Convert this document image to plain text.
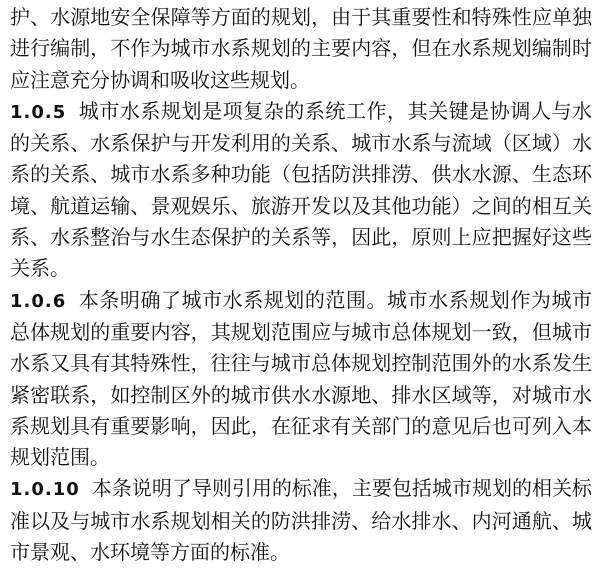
护、水源地安全保障等方面的规划，由于其重要性和特殊性应单独进行编制，不作为城市水系规划的主要内容，但在水系规划编制时应注意充分协调和吸收这些规划。

1.0.5 城市水系规划是项复杂的系统工作，其关键是协调人与水的关系、水系保护与开发利用的关系、城市水系与流域（区域）水系的关系、城市水系多种功能（包括防洪排涝、供水水源、生态环境、航道运输、景观娱乐、旅游开发以及其他功能）之间的相互关系、水系整治与水生态保护的关系等，因此，原则上应把握好这些关系。

1.0.6 本条明确了城市水系规划的范围。城市水系规划作为城市总体规划的重要内容，其规划范围应与城市总体规划一致，但城市水系又具有其特殊性，往往与城市总体规划控制范围外的水系发生紧密联系，如控制区外的城市供水水源地、排水区域等，对城市水系规划具有重要影响，因此，在征求有关部门的意见后也可列入本规划范围。

1.0.10 本条说明了导则引用的标准，主要包括城市规划的相关标准以及与城市水系规划相关的防洪排涝、给水排水、内河通航、城市景观、水环境等方面的标准。
